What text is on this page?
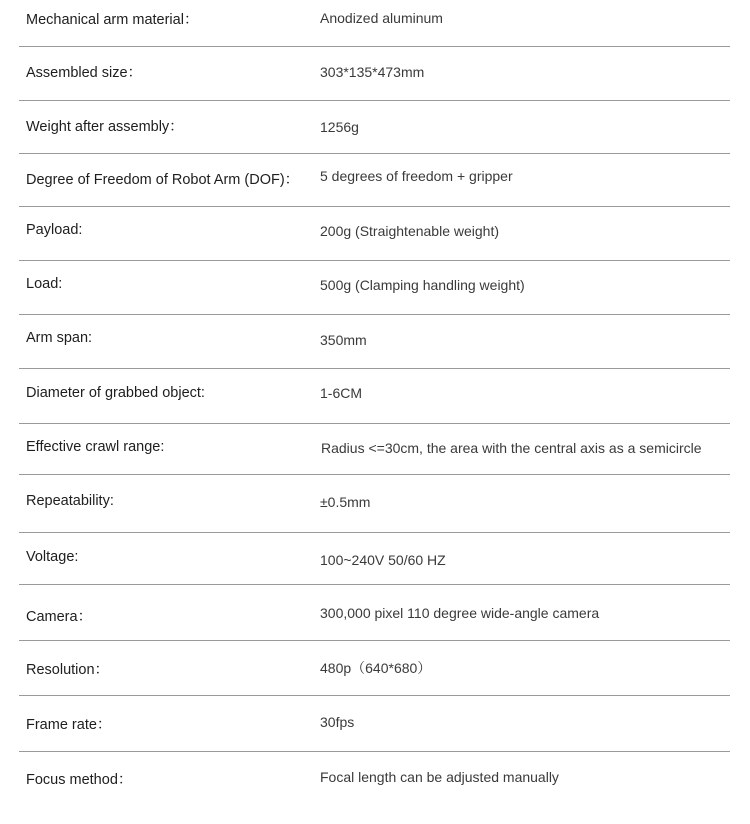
Mechanical arm material：	Anodized aluminum
Assembled size：	303*135*473mm
Weight after assembly：	1256g
Degree of Freedom of Robot Arm (DOF)： 5 degrees of freedom + gripper
Payload:	200g (Straightenable weight)
Load:	500g (Clamping handling weight)
Arm span:	350mm
Diameter of grabbed object:	1-6CM
Effective crawl range:	Radius <=30cm, the area with the central axis as a semicircle
Repeatability:	±0.5mm
Voltage:	100~240V 50/60 HZ
Camera：	300,000 pixel 110 degree wide-angle camera
Resolution：	480p（640*680）
Frame rate：	30fps
Focus method：	Focal length can be adjusted manually
